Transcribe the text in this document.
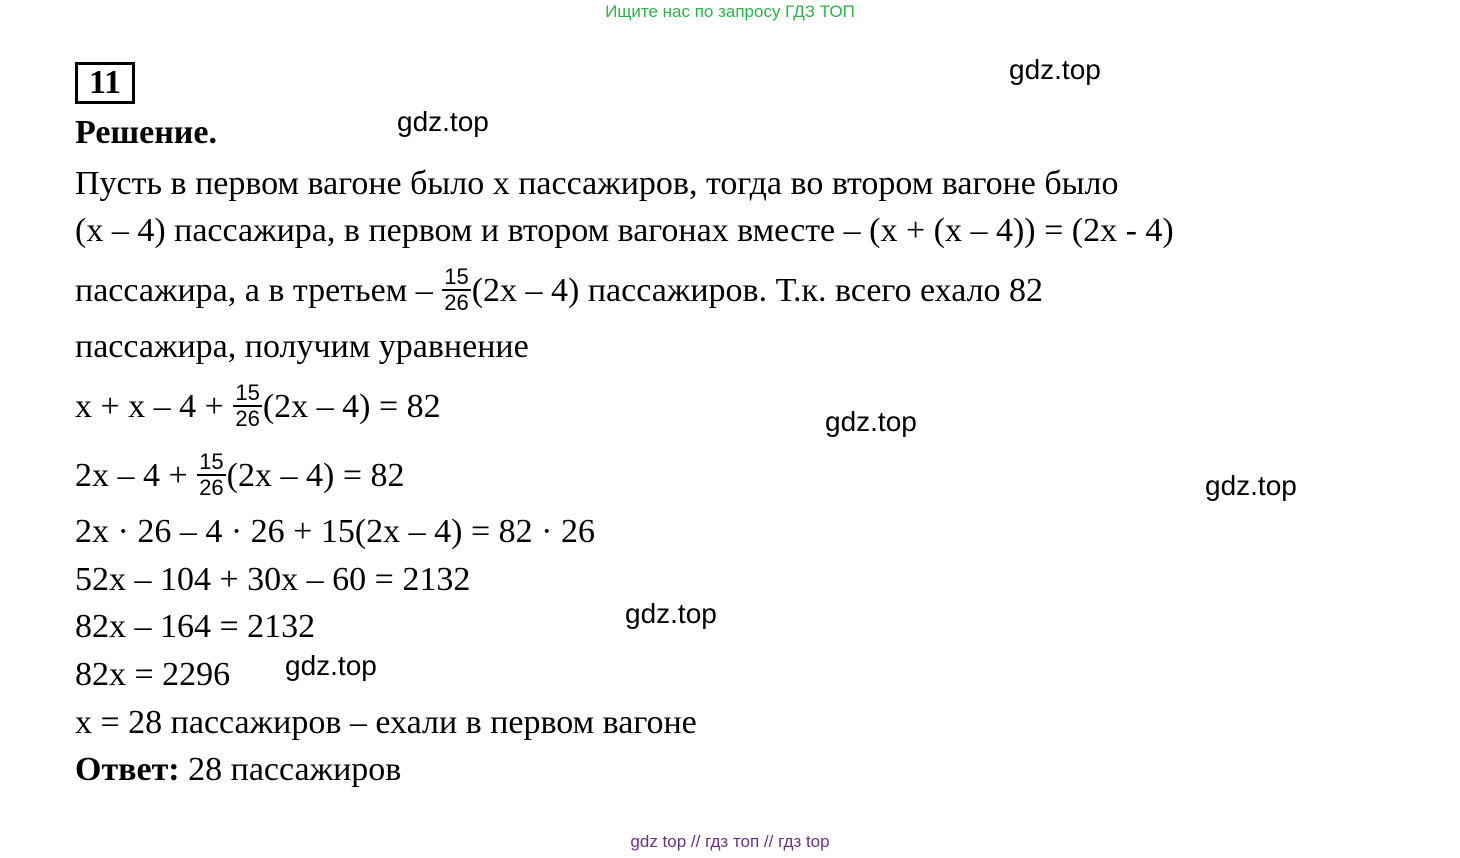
Ищите нас по запросу ГДЗ ТОП
11
Решение.
Пусть в первом вагоне было x пассажиров, тогда во втором вагоне было
(x – 4) пассажира, в первом и втором вагонах вместе – (x + (x – 4)) = (2x - 4)
пассажира, а в третьем – $\frac{15}{26} (2x - 4)$ пассажиров. Т.к. всего ехало 82
пассажира, получим уравнение
$x + x - 4 + \frac{15}{26} (2x - 4) = 82$
$2x - 4 + \frac{15}{26} (2x - 4) = 82$
2x · 26 – 4 · 26 + 15(2x – 4) = 82 · 26
52x – 104 + 30x – 60 = 2132
82x – 164 = 2132
82x = 2296
x = 28 пассажиров – ехали в первом вагоне
Ответ: 28 пассажиров
gdz.top
gdz.top
gdz.top
gdz.top
gdz.top
gdz.top
gdz top // гдз топ // гдз top
